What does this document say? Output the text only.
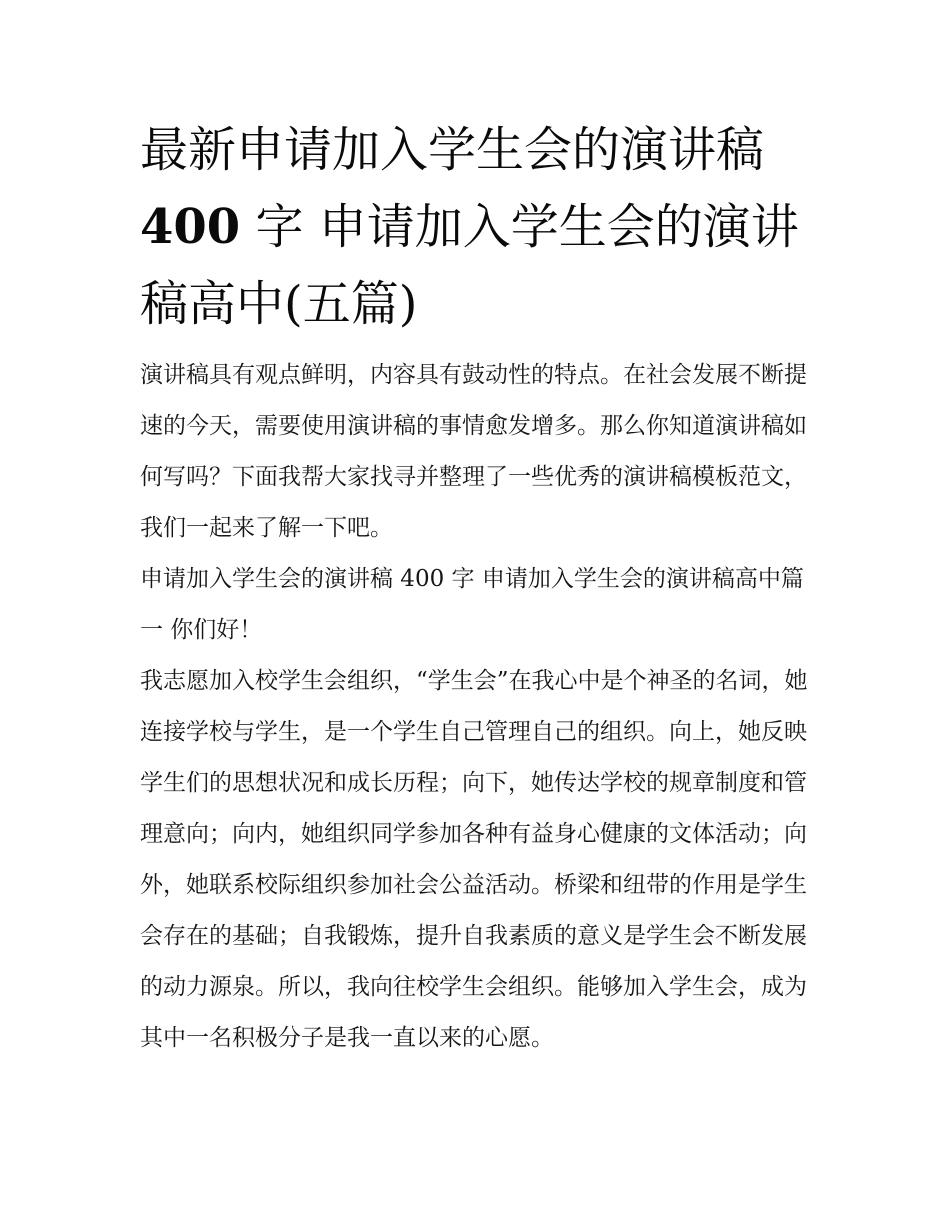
最新申请加入学生会的演讲稿
400 字 申请加入学生会的演讲
稿高中(五篇)

演讲稿具有观点鲜明，内容具有鼓动性的特点。在社会发展不断提速的今天，需要使用演讲稿的事情愈发增多。那么你知道演讲稿如何写吗？下面我帮大家找寻并整理了一些优秀的演讲稿模板范文，我们一起来了解一下吧。

申请加入学生会的演讲稿 400 字 申请加入学生会的演讲稿高中篇一 你们好！

我志愿加入校学生会组织，“学生会”在我心中是个神圣的名词，她连接学校与学生，是一个学生自己管理自己的组织。向上，她反映学生们的思想状况和成长历程；向下，她传达学校的规章制度和管理意向；向内，她组织同学参加各种有益身心健康的文体活动；向外，她联系校际组织参加社会公益活动。桥梁和纽带的作用是学生会存在的基础；自我锻炼，提升自我素质的意义是学生会不断发展的动力源泉。所以，我向往校学生会组织。能够加入学生会，成为其中一名积极分子是我一直以来的心愿。
